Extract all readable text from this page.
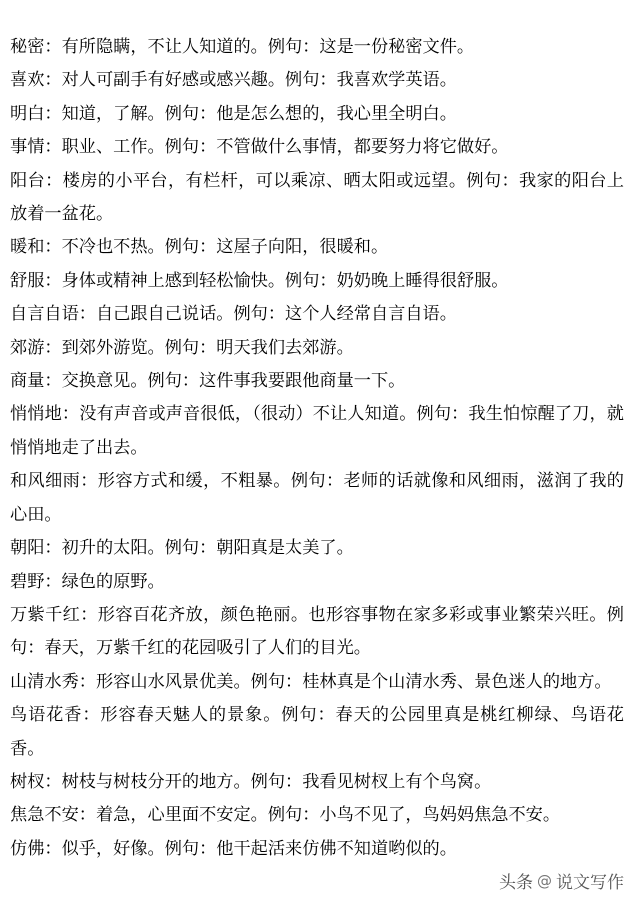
秘密：有所隐瞒，不让人知道的。例句：这是一份秘密文件。

喜欢：对人可副手有好感或感兴趣。例句：我喜欢学英语。

明白：知道，了解。例句：他是怎么想的，我心里全明白。

事情：职业、工作。例句：不管做什么事情，都要努力将它做好。

阳台：楼房的小平台，有栏杆，可以乘凉、晒太阳或远望。例句：我家的阳台上放着一盆花。

暖和：不冷也不热。例句：这屋子向阳，很暖和。

舒服：身体或精神上感到轻松愉快。例句：奶奶晚上睡得很舒服。

自言自语：自己跟自己说话。例句：这个人经常自言自语。

郊游：到郊外游览。例句：明天我们去郊游。

商量：交换意见。例句：这件事我要跟他商量一下。

悄悄地：没有声音或声音很低，（很动）不让人知道。例句：我生怕惊醒了刀，就悄悄地走了出去。

和风细雨：形容方式和缓，不粗暴。例句：老师的话就像和风细雨，滋润了我的心田。

朝阳：初升的太阳。例句：朝阳真是太美了。

碧野：绿色的原野。

万紫千红：形容百花齐放，颜色艳丽。也形容事物在家多彩或事业繁荣兴旺。例句：春天，万紫千红的花园吸引了人们的目光。

山清水秀：形容山水风景优美。例句：桂林真是个山清水秀、景色迷人的地方。

鸟语花香：形容春天魅人的景象。例句：春天的公园里真是桃红柳绿、鸟语花香。

树杈：树枝与树枝分开的地方。例句：我看见树杈上有个鸟窝。

焦急不安：着急，心里面不安定。例句：小鸟不见了，鸟妈妈焦急不安。

仿佛：似乎，好像。例句：他干起活来仿佛不知道哟似的。

头条 @ 说文写作
